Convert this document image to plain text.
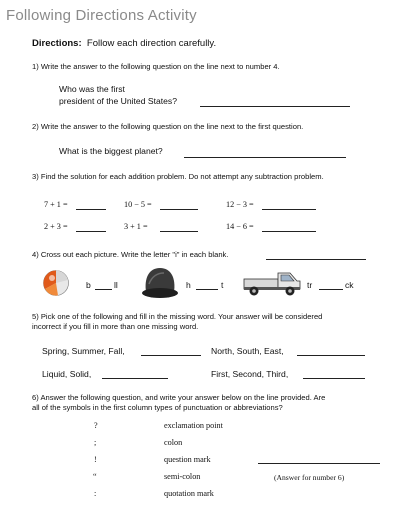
Following Directions Activity
Directions: Follow each direction carefully.
1) Write the answer to the following question on the line next to number 4.
Who was the first
president of the United States?
2) Write the answer to the following question on the line next to the first question.
What is the biggest planet?
3) Find the solution for each addition problem. Do not attempt any subtraction problem.
7 + 1 =	10 − 5 =	12 − 3 =
2 + 3 =	3 + 1 =	14 − 6 =
4) Cross out each picture. Write the letter "i" in each blank.
b	ll	h	t	tr	ck
5) Pick one of the following and fill in the missing word. Your answer will be considered
incorrect if you fill in more than one missing word.
Spring, Summer, Fall,	North, South, East,
Liquid, Solid,	First, Second, Third,
6) Answer the following question, and write your answer below on the line provided. Are
all of the symbols in the first column types of punctuation or abbreviations?
?	exclamation point
;	colon
!	question mark
“	semi-colon
:	quotation mark
(Answer for number 6)
